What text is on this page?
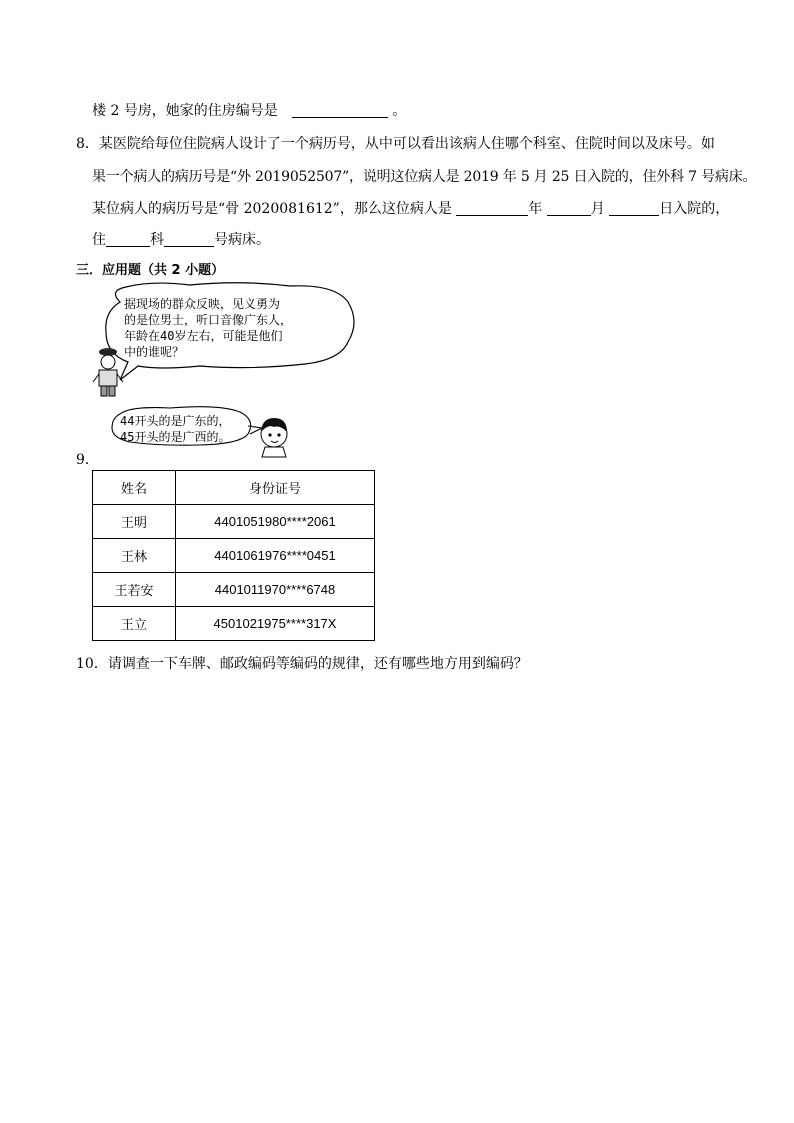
楼 2 号房，她家的住房编号是	。
8．某医院给每位住院病人设计了一个病历号，从中可以看出该病人住哪个科室、住院时间以及床号。如
果一个病人的病历号是“外 2019052507”，说明这位病人是 2019 年 5 月 25 日入院的，住外科 7 号病床。
某位病人的病历号是“骨 2020081612”，那么这位病人是	年	月	日入院的，
住	科	号病床。
三．应用题（共 2 小题）
据现场的群众反映，见义勇为
的是位男士，听口音像广东人，
年龄在40岁左右，可能是他们
中的谁呢？
44开头的是广东的，
45开头的是广西的。
9．
姓名	身份证号
王明	4401051980****2061
王林	4401061976****0451
王若安	4401011970****6748
王立	4501021975****317X
10．请调查一下车牌、邮政编码等编码的规律，还有哪些地方用到编码？
